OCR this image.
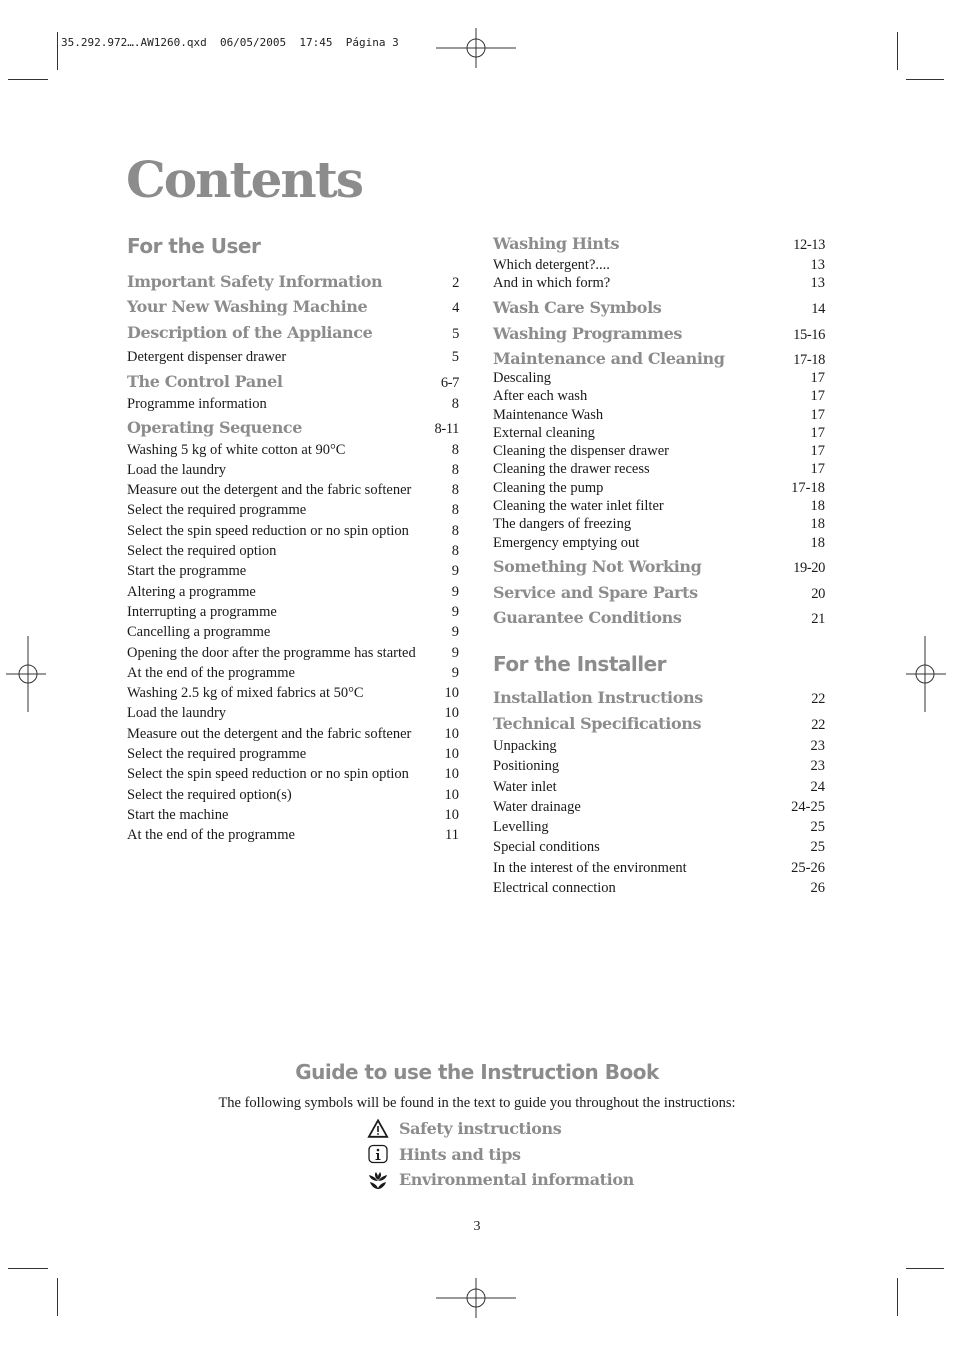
35.292.972….AW1260.qxd  06/05/2005  17:45  Página 3
Contents
For the User
Important Safety Information	2
Your New Washing Machine	4
Description of the Appliance	5
Detergent dispenser drawer	5
The Control Panel	6-7
Programme information	8
Operating Sequence	8-11
Washing 5 kg of white cotton at 90°C	8
Load the laundry	8
Measure out the detergent and the fabric softener	8
Select the required programme	8
Select the spin speed reduction or no spin option	8
Select the required option	8
Start the programme	9
Altering a programme	9
Interrupting a programme	9
Cancelling a programme	9
Opening the door after the programme has started 9
At the end of the programme	9
Washing 2.5 kg of mixed fabrics at 50°C	10
Load the laundry	10
Measure out the detergent and the fabric softener 10
Select the required programme	10
Select the spin speed reduction or no spin option 10
Select the required option(s)	10
Start the machine	10
At the end of the programme	11
Washing Hints	12-13
Which detergent?....	13
And in which form?	13
Wash Care Symbols	14
Washing Programmes	15-16
Maintenance and Cleaning	17-18
Descaling	17
After each wash	17
Maintenance Wash	17
External cleaning	17
Cleaning the dispenser drawer	17
Cleaning the drawer recess	17
Cleaning the pump	17-18
Cleaning the water inlet filter	18
The dangers of freezing	18
Emergency emptying out	18
Something Not Working	19-20
Service and Spare Parts	20
Guarantee Conditions	21
For the Installer
Installation Instructions	22
Technical Specifications	22
Unpacking	23
Positioning	23
Water inlet	24
Water drainage	24-25
Levelling	25
Special conditions	25
In the interest of the environment	25-26
Electrical connection	26
Guide to use the Instruction Book
The following symbols will be found in the text to guide you throughout the instructions:
Safety instructions
Hints and tips
Environmental information
3
